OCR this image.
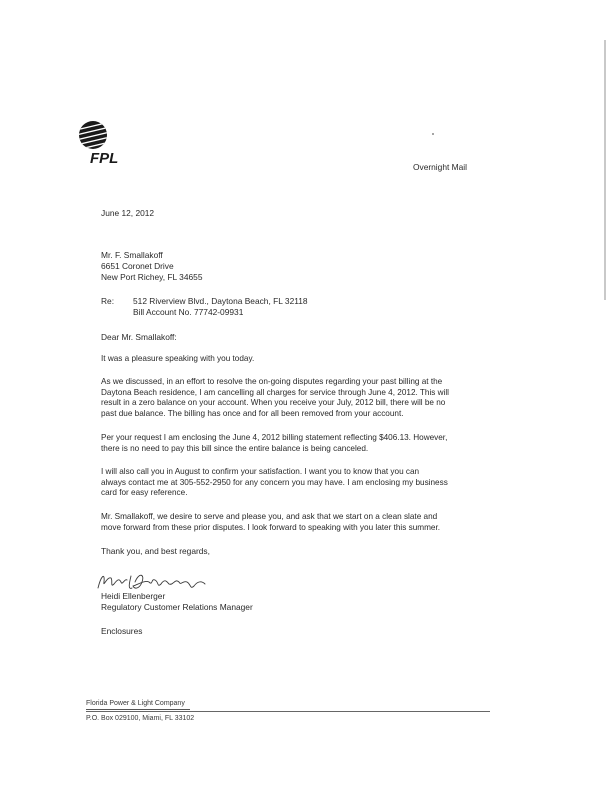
FPL	Overnight Mail
June 12, 2012
Mr. F. Smallakoff
6651 Coronet Drive
New Port Richey, FL 34655
Re: 512 Riverview Blvd., Daytona Beach, FL 32118
Bill Account No. 77742-09931
Dear Mr. Smallakoff:
It was a pleasure speaking with you today.
As we discussed, in an effort to resolve the on-going disputes regarding your past billing at the
Daytona Beach residence, I am cancelling all charges for service through June 4, 2012. This will
result in a zero balance on your account. When you receive your July, 2012 bill, there will be no
past due balance. The billing has once and for all been removed from your account.
Per your request I am enclosing the June 4, 2012 billing statement reflecting $406.13. However,
there is no need to pay this bill since the entire balance is being canceled.
I will also call you in August to confirm your satisfaction. I want you to know that you can
always contact me at 305-552-2950 for any concern you may have. I am enclosing my business
card for easy reference.
Mr. Smallakoff, we desire to serve and please you, and ask that we start on a clean slate and
move forward from these prior disputes. I look forward to speaking with you later this summer.
Thank you, and best regards,
Heidi Ellenberger
Regulatory Customer Relations Manager
Enclosures
Florida Power & Light Company
P.O. Box 029100, Miami, FL 33102
